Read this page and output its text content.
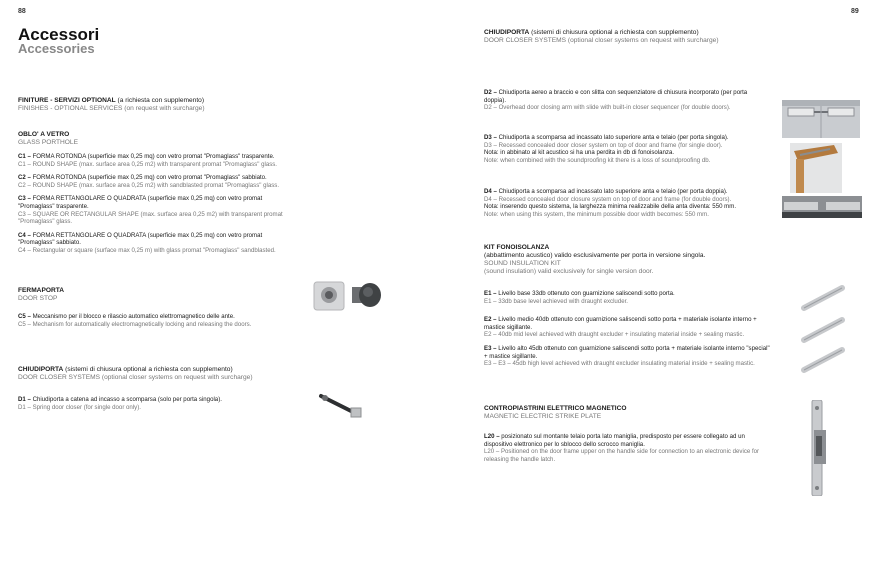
88
Accessori
Accessories
FINITURE - SERVIZI OPTIONAL (a richiesta con supplemento)
FINISHES - OPTIONAL SERVICES (on request with surcharge)
OBLO' A VETRO
GLASS PORTHOLE
C1 – FORMA ROTONDA (superficie max 0,25 mq) con vetro promat "Promaglass" trasparente.
C1 – ROUND SHAPE (max. surface area 0,25 m2) with transparent promat "Promaglass" glass.
C2 – FORMA ROTONDA (superficie max 0,25 mq) con vetro promat "Promaglass" sabbiato.
C2 – ROUND SHAPE (max. surface area 0,25 m2) with sandblasted promat "Promaglass" glass.
C3 – FORMA RETTANGOLARE O QUADRATA (superficie max 0,25 mq) con vetro promat "Promaglass" trasparente.
C3 – SQUARE OR RECTANGULAR SHAPE (max. surface area 0,25 m2) with transparent promat "Promaglass" glass.
C4 – FORMA RETTANGOLARE O QUADRATA (superficie max 0,25 mq) con vetro promat "Promaglass" sabbiato.
C4 – Rectangular or square (surface max 0,25 m) with glass promat "Promaglass" sandblasted.
FERMAPORTA
DOOR STOP
C5 – Meccanismo per il blocco e rilascio automatico elettromagnetico delle ante.
C5 – Mechanism for automatically electromagnetically locking and releasing the doors.
CHIUDIPORTA (sistemi di chiusura optional a richiesta con supplemento)
DOOR CLOSER SYSTEMS (optional closer systems on request with surcharge)
D1 – Chiudiporta a catena ad incasso a scomparsa (solo per porta singola).
D1 – Spring door closer (for single door only).
89
CHIUDIPORTA (sistemi di chiusura optional a richiesta con supplemento)
DOOR CLOSER SYSTEMS (optional closer systems on request with surcharge)
D2 – Chiudiporta aereo a braccio e con slitta con sequenziatore di chiusura incorporato (per porta doppia).
D2 – Overhead door closing arm with slide with built-in closer sequencer (for double doors).
D3 – Chiudiporta a scomparsa ad incassato lato superiore anta e telaio (per porta singola).
D3 – Recessed concealed door closer system on top of door and frame (for single door).
Nota: in abbinato al kit acustico si ha una perdita in db di fonoisolanza.
Note: when combined with the soundproofing kit there is a loss of soundproofing db.
D4 – Chiudiporta a scomparsa ad incassato lato superiore anta e telaio (per porta doppia).
D4 – Recessed concealed door closure system on top of door and frame (for double doors).
Nota: inserendo questo sistema, la larghezza minima realizzabile della anta diventa: 550 mm.
Note: when using this system, the minimum possible door width becomes: 550 mm.
KIT FONOISOLANZA
(abbattimento acustico) valido esclusivamente per porta in versione singola.
SOUND INSULATION KIT
(sound insulation) valid exclusively for single version door.
E1 – Livello base 33db ottenuto con guarnizione saliscendi sotto porta.
E1 – 33db base level achieved with draught excluder.
E2 – Livello medio 40db ottenuto con guarnizione saliscendi sotto porta + materiale isolante interno + mastice sigillante.
E2 – 40db mid level achieved with draught excluder + insulating material inside + sealing mastic.
E3 – Livello alto 45db ottenuto con guarnizione saliscendi sotto porta + materiale isolante interno "special" + mastice sigillante.
E3 – E3 – 45db high level achieved with draught excluder insulating material inside + sealing mastic.
CONTROPIASTRINI ELETTRICO MAGNETICO
MAGNETIC ELECTRIC STRIKE PLATE
L20 – posizionato sul montante telaio porta lato maniglia, predisposto per essere collegato ad un dispositivo elettronico per lo sblocco dello scrocco maniglia.
L20 – Positioned on the door frame upper on the handle side for connection to an electronic device for releasing the handle latch.
